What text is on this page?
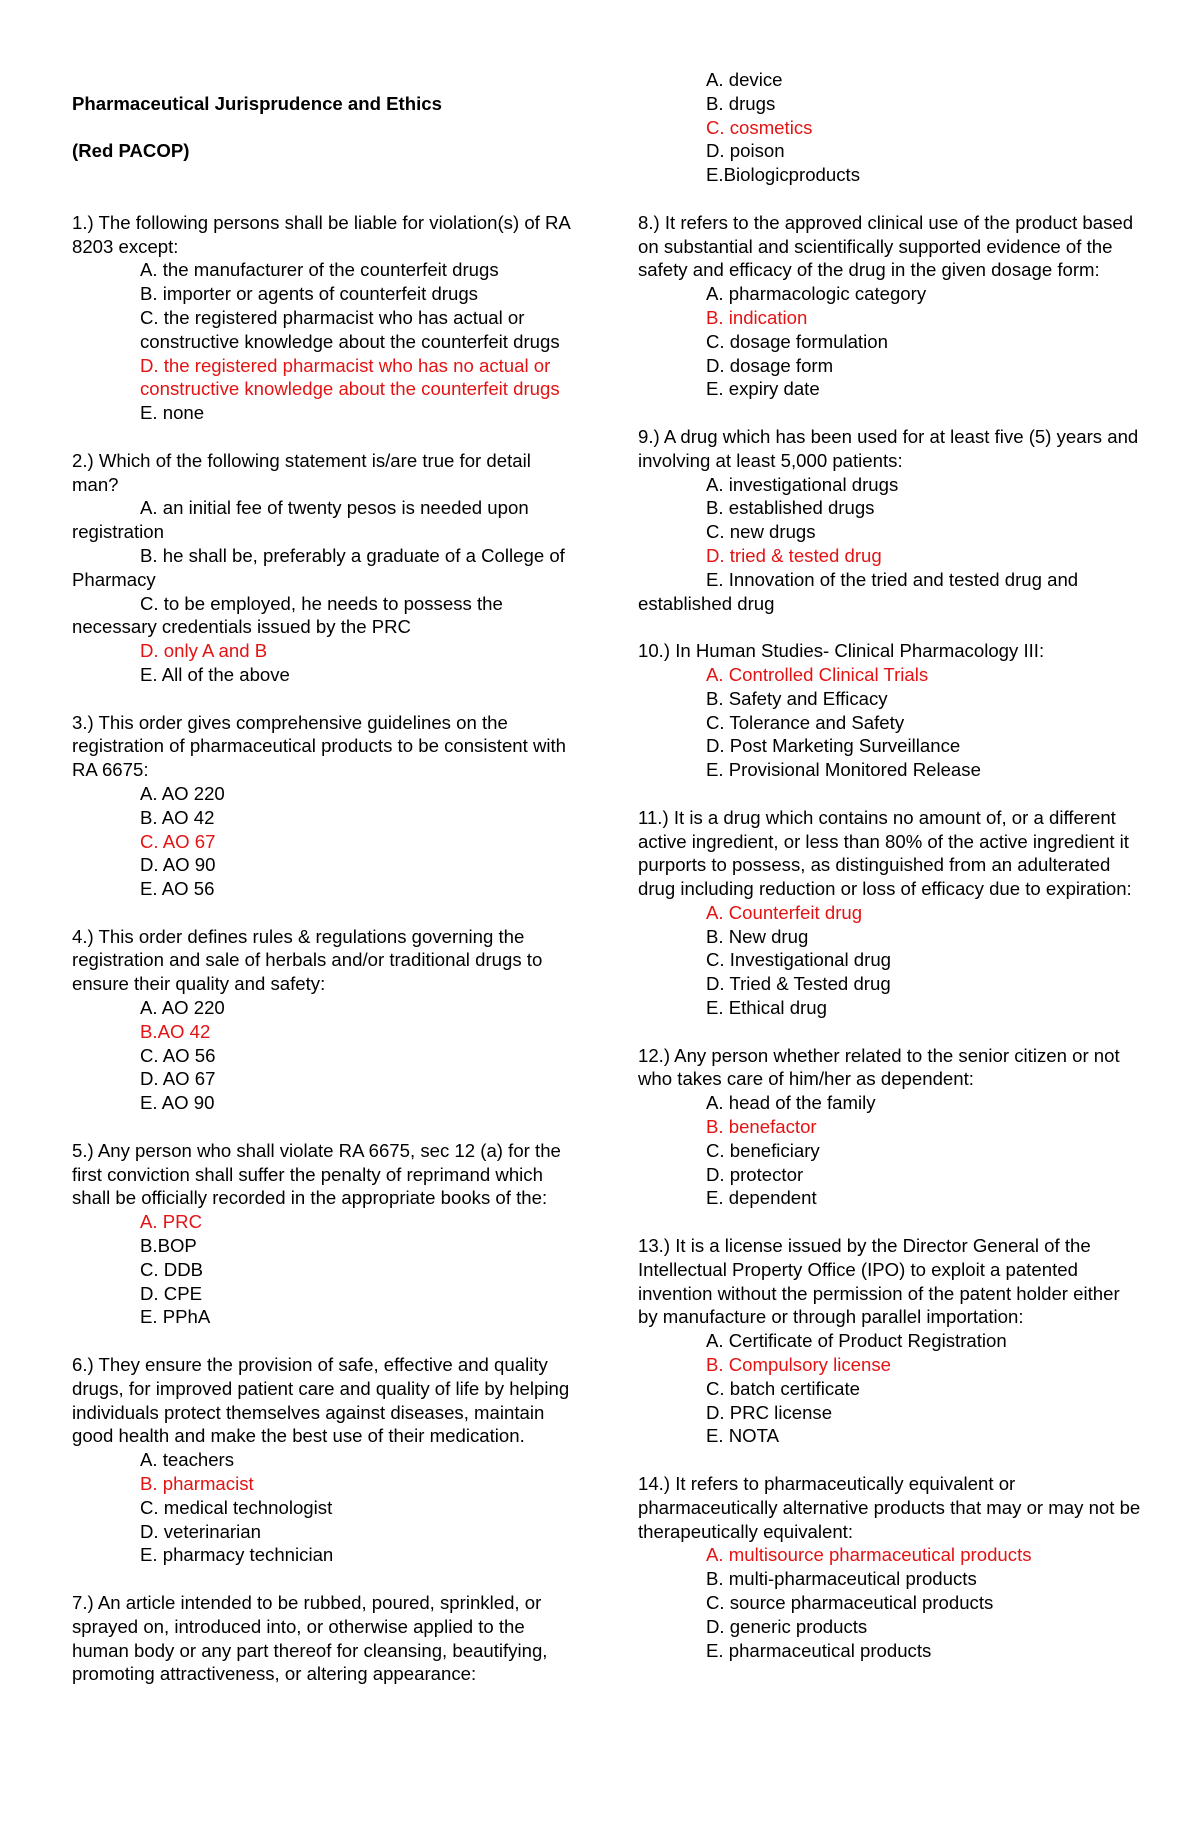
Pharmaceutical Jurisprudence and Ethics

(Red PACOP)

1.) The following persons shall be liable for violation(s) of RA 8203 except:
A. the manufacturer of the counterfeit drugs
B. importer or agents of counterfeit drugs
C. the registered pharmacist who has actual or constructive knowledge about the counterfeit drugs
D. the registered pharmacist who has no actual or constructive knowledge about the counterfeit drugs
E. none
2.) Which of the following statement is/are true for detail man?
A. an initial fee of twenty pesos is needed upon registration
B. he shall be, preferably a graduate of a College of Pharmacy
C. to be employed, he needs to possess the necessary credentials issued by the PRC
D. only A and B
E. All of the above
3.) This order gives comprehensive guidelines on the registration of pharmaceutical products to be consistent with RA 6675:
A. AO 220
B. AO 42
C. AO 67
D. AO 90
E. AO 56
4.) This order defines rules & regulations governing the registration and sale of herbals and/or traditional drugs to ensure their quality and safety:
A. AO 220
B.AO 42
C. AO 56
D. AO 67
E. AO 90
5.) Any person who shall violate RA 6675, sec 12 (a) for the first conviction shall suffer the penalty of reprimand which shall be officially recorded in the appropriate books of the:
A. PRC
B.BOP
C. DDB
D. CPE
E. PPhA
6.) They ensure the provision of safe, effective and quality drugs, for improved patient care and quality of life by helping individuals protect themselves against diseases, maintain good health and make the best use of their medication.
A. teachers
B. pharmacist
C. medical technologist
D. veterinarian
E. pharmacy technician
7.) An article intended to be rubbed, poured, sprinkled, or sprayed on, introduced into, or otherwise applied to the human body or any part thereof for cleansing, beautifying, promoting attractiveness, or altering appearance:
A. device
B. drugs
C. cosmetics
D. poison
E.Biologicproducts
8.) It refers to the approved clinical use of the product based on substantial and scientifically supported evidence of the safety and efficacy of the drug in the given dosage form:
A. pharmacologic category
B. indication
C. dosage formulation
D. dosage form
E. expiry date
9.) A drug which has been used for at least five (5) years and involving at least 5,000 patients:
A. investigational drugs
B. established drugs
C. new drugs
D. tried & tested drug
E. Innovation of the tried and tested drug and established drug
10.) In Human Studies- Clinical Pharmacology III:
A. Controlled Clinical Trials
B. Safety and Efficacy
C. Tolerance and Safety
D. Post Marketing Surveillance
E. Provisional Monitored Release
11.) It is a drug which contains no amount of, or a different active ingredient, or less than 80% of the active ingredient it purports to possess, as distinguished from an adulterated drug including reduction or loss of efficacy due to expiration:
A. Counterfeit drug
B. New drug
C. Investigational drug
D. Tried & Tested drug
E. Ethical drug
12.) Any person whether related to the senior citizen or not who takes care of him/her as dependent:
A. head of the family
B. benefactor
C. beneficiary
D. protector
E. dependent
13.) It is a license issued by the Director General of the Intellectual Property Office (IPO) to exploit a patented invention without the permission of the patent holder either by manufacture or through parallel importation:
A. Certificate of Product Registration
B. Compulsory license
C. batch certificate
D. PRC license
E. NOTA
14.) It refers to pharmaceutically equivalent or pharmaceutically alternative products that may or may not be therapeutically equivalent:
A. multisource pharmaceutical products
B. multi-pharmaceutical products
C. source pharmaceutical products
D. generic products
E. pharmaceutical products
